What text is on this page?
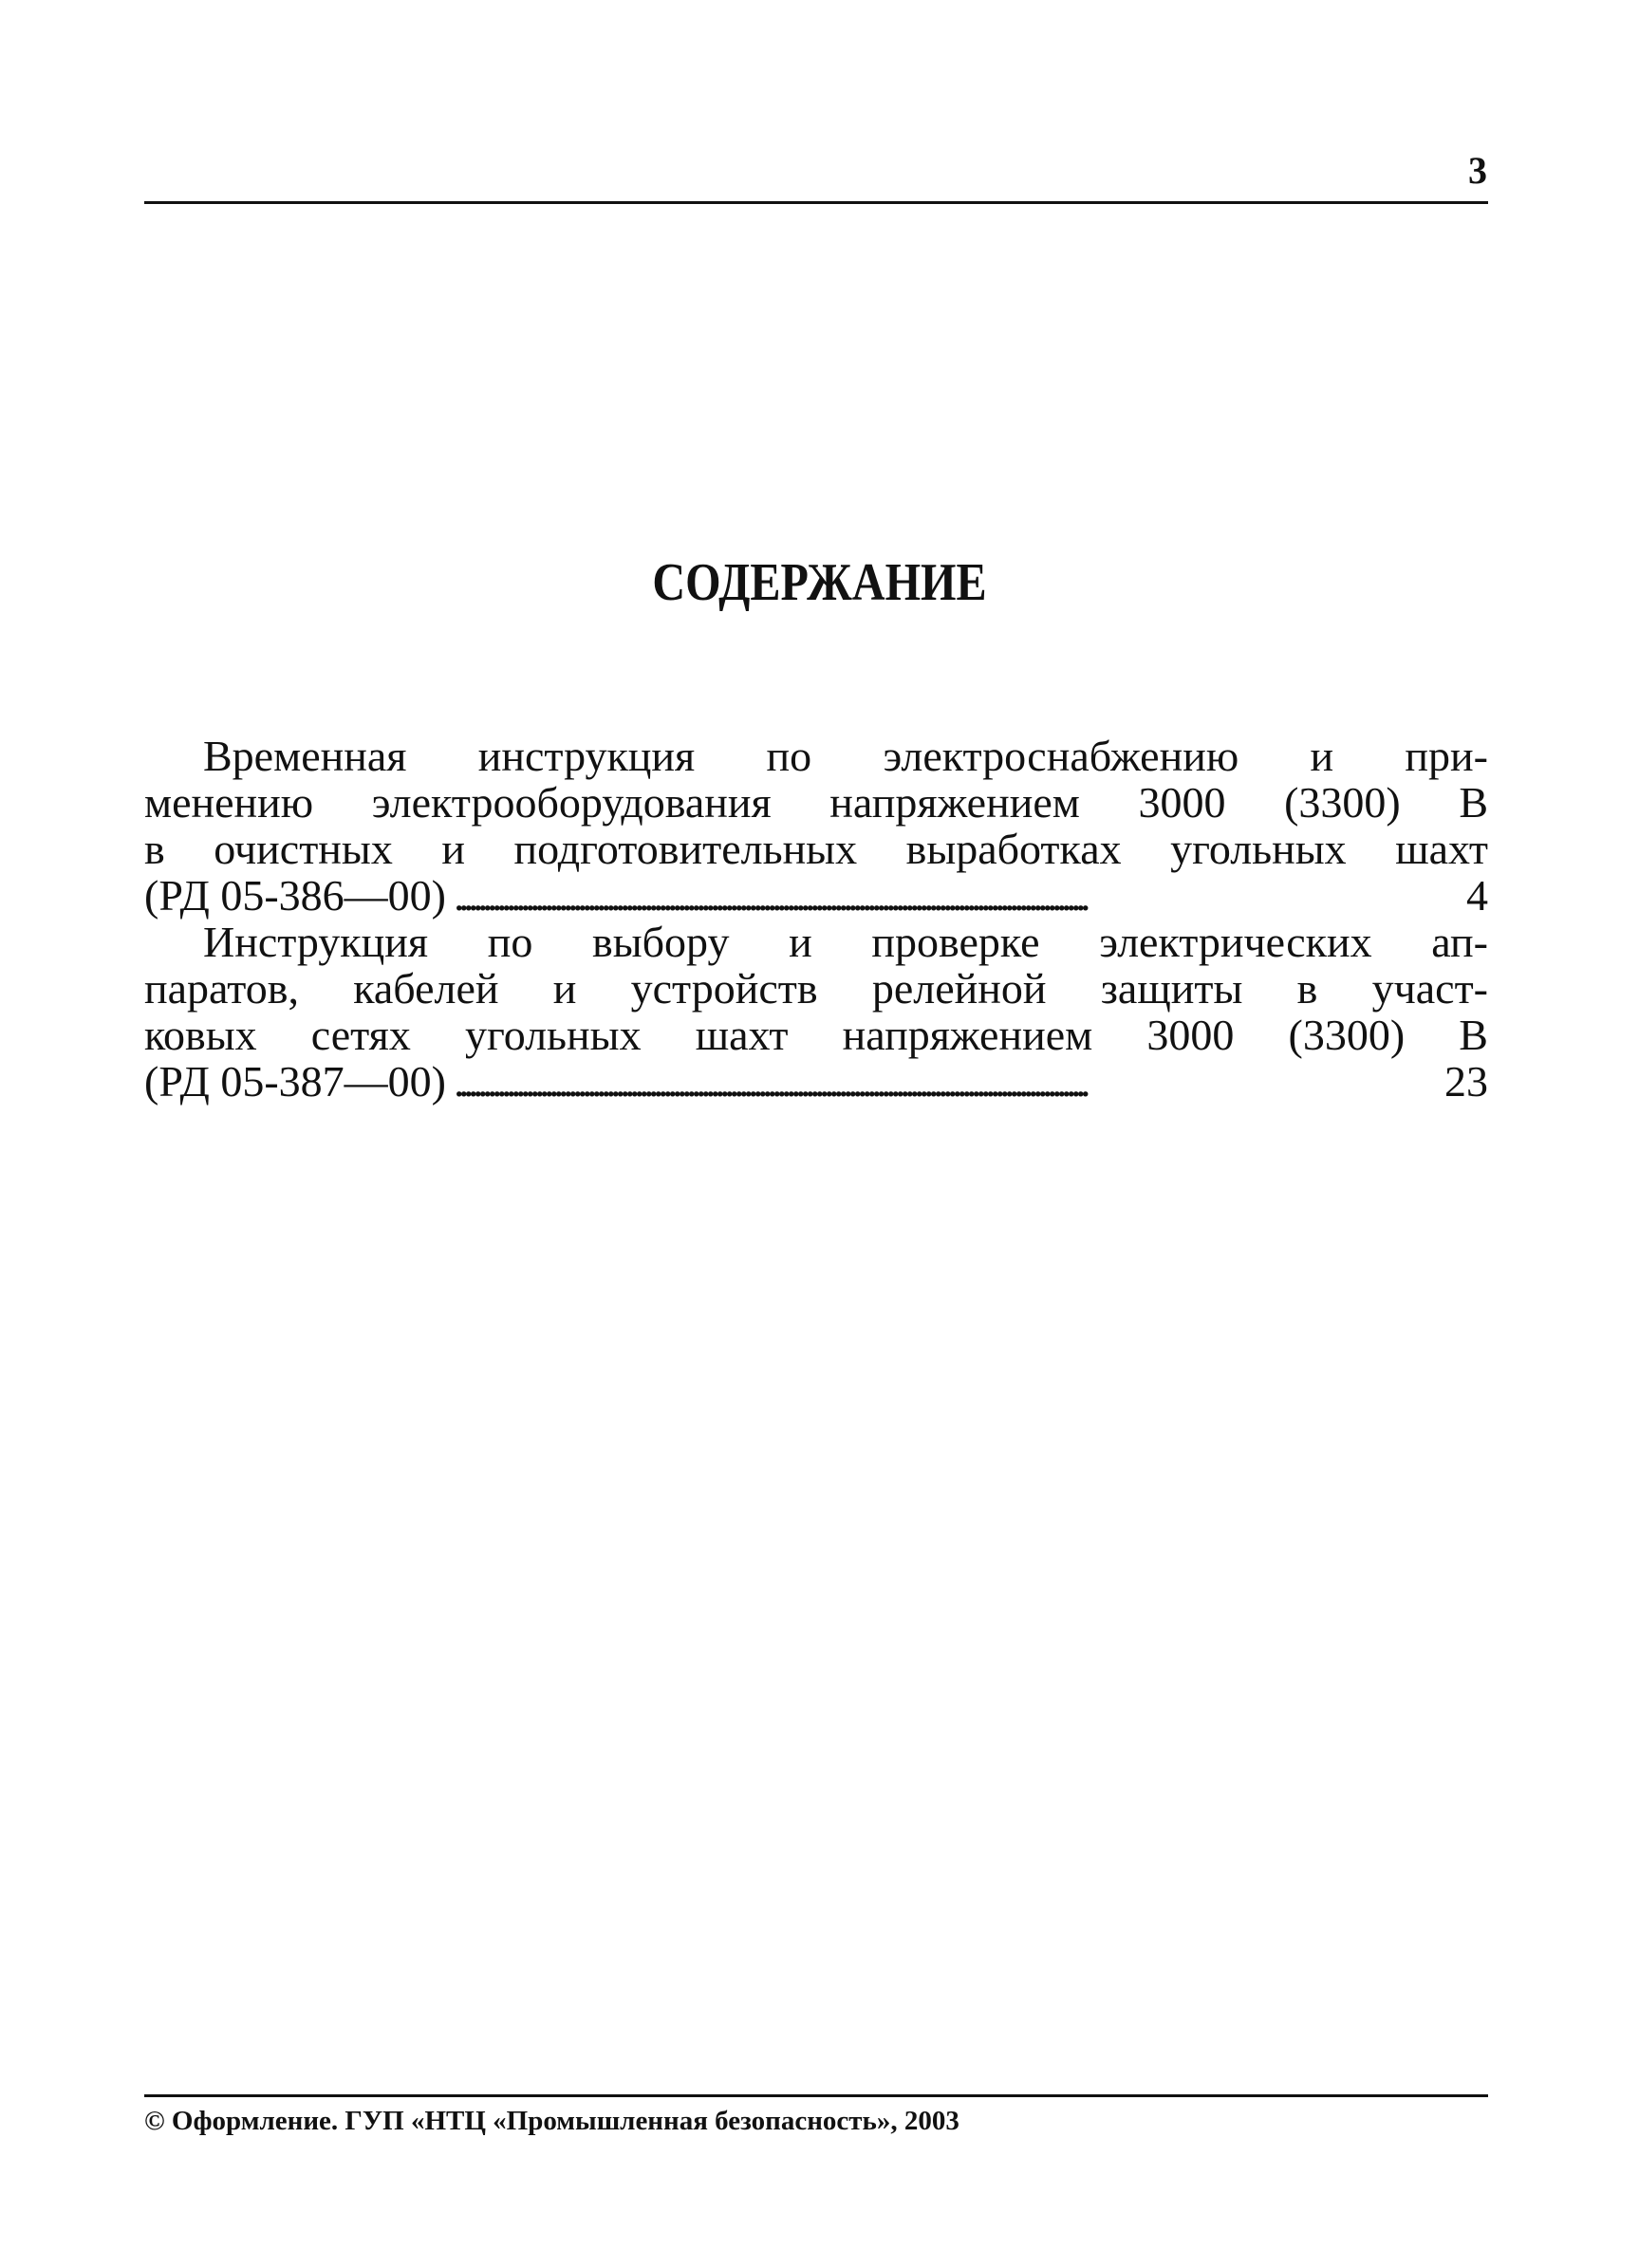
3
СОДЕРЖАНИЕ
Временная инструкция по электроснабжению и при-
менению электрооборудования напряжением 3000 (3300) В
в очистных и подготовительных выработках угольных шахт
(РД 05-386—00) . . .	4
Инструкция по выбору и проверке электрических ап-
паратов, кабелей и устройств релейной защиты в участ-
ковых сетях угольных шахт напряжением 3000 (3300) В
(РД 05-387—00) . . .	23
© Оформление. ГУП «НТЦ «Промышленная безопасность», 2003
